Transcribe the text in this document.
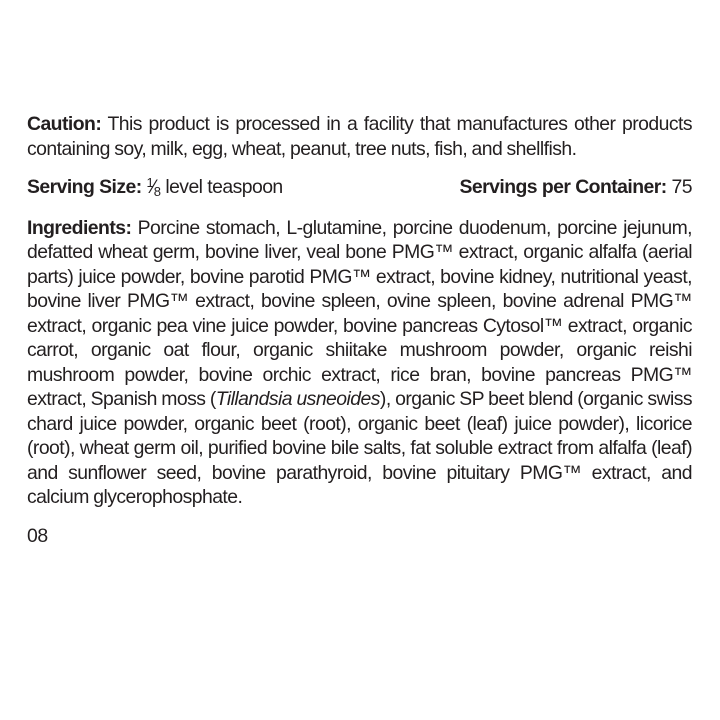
Caution: This product is processed in a facility that manufactures other products containing soy, milk, egg, wheat, peanut, tree nuts, fish, and shellfish.

Serving Size: 1⁄8 level teaspoon	Servings per Container: 75

Ingredients: Porcine stomach, L-glutamine, porcine duodenum, porcine jejunum, defatted wheat germ, bovine liver, veal bone PMG™ extract, organic alfalfa (aerial parts) juice powder, bovine parotid PMG™ extract, bovine kidney, nutritional yeast, bovine liver PMG™ extract, bovine spleen, ovine spleen, bovine adrenal PMG™ extract, organic pea vine juice powder, bovine pancreas Cytosol™ extract, organic carrot, organic oat flour, organic shiitake mushroom powder, organic reishi mushroom powder, bovine orchic extract, rice bran, bovine pancreas PMG™ extract, Spanish moss (Tillandsia usneoides), organic SP beet blend (organic swiss chard juice powder, organic beet (root), organic beet (leaf) juice powder), licorice (root), wheat germ oil, purified bovine bile salts, fat soluble extract from alfalfa (leaf) and sunflower seed, bovine parathyroid, bovine pituitary PMG™ extract, and calcium glycerophosphate.

08
